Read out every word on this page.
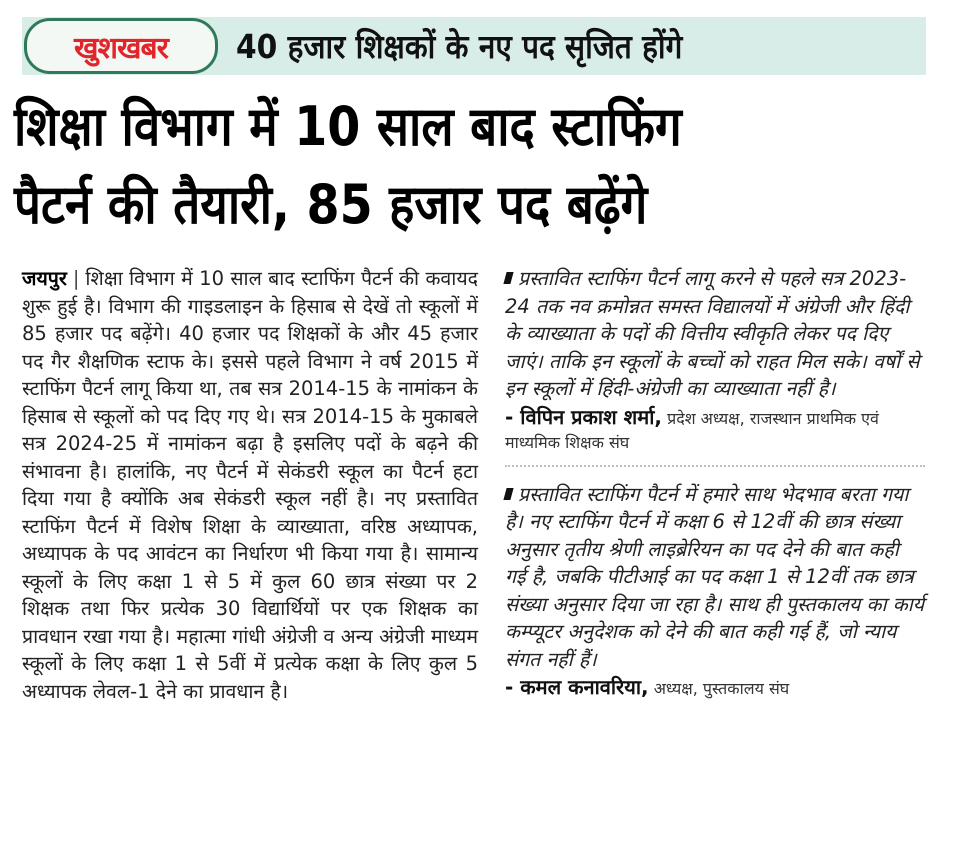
खुशखबर	40 हजार शिक्षकों के नए पद सृजित होंगे
शिक्षा विभाग में 10 साल बाद स्टाफिंग
पैटर्न की तैयारी, 85 हजार पद बढ़ेंगे

जयपुर | शिक्षा विभाग में 10 साल बाद स्टाफिंग पैटर्न की कवायद शुरू हुई है। विभाग की गाइडलाइन के हिसाब से देखें तो स्कूलों में 85 हजार पद बढ़ेंगे। 40 हजार पद शिक्षकों के और 45 हजार पद गैर शैक्षणिक स्टाफ के। इससे पहले विभाग ने वर्ष 2015 में स्टाफिंग पैटर्न लागू किया था, तब सत्र 2014-15 के नामांकन के हिसाब से स्कूलों को पद दिए गए थे। सत्र 2014-15 के मुकाबले सत्र 2024-25 में नामांकन बढ़ा है इसलिए पदों के बढ़ने की संभावना है। हालांकि, नए पैटर्न में सेकंडरी स्कूल का पैटर्न हटा दिया गया है क्योंकि अब सेकंडरी स्कूल नहीं है। नए प्रस्तावित स्टाफिंग पैटर्न में विशेष शिक्षा के व्याख्याता, वरिष्ठ अध्यापक, अध्यापक के पद आवंटन का निर्धारण भी किया गया है। सामान्य स्कूलों के लिए कक्षा 1 से 5 में कुल 60 छात्र संख्या पर 2 शिक्षक तथा फिर प्रत्येक 30 विद्यार्थियों पर एक शिक्षक का प्रावधान रखा गया है। महात्मा गांधी अंग्रेजी व अन्य अंग्रेजी माध्यम स्कूलों के लिए कक्षा 1 से 5वीं में प्रत्येक कक्षा के लिए कुल 5 अध्यापक लेवल-1 देने का प्रावधान है।

प्रस्तावित स्टाफिंग पैटर्न लागू करने से पहले सत्र 2023-24 तक नव क्रमोन्नत समस्त विद्यालयों में अंग्रेजी और हिंदी के व्याख्याता के पदों की वित्तीय स्वीकृति लेकर पद दिए जाएं। ताकि इन स्कूलों के बच्चों को राहत मिल सके। वर्षों से इन स्कूलों में हिंदी-अंग्रेजी का व्याख्याता नहीं है।

- विपिन प्रकाश शर्मा, प्रदेश अध्यक्ष, राजस्थान प्राथमिक एवं माध्यमिक शिक्षक संघ

प्रस्तावित स्टाफिंग पैटर्न में हमारे साथ भेदभाव बरता गया है। नए स्टाफिंग पैटर्न में कक्षा 6 से 12वीं की छात्र संख्या अनुसार तृतीय श्रेणी लाइब्रेरियन का पद देने की बात कही गई है, जबकि पीटीआई का पद कक्षा 1 से 12वीं तक छात्र संख्या अनुसार दिया जा रहा है। साथ ही पुस्तकालय का कार्य कम्प्यूटर अनुदेशक को देने की बात कही गई हैं, जो न्याय संगत नहीं हैं।

- कमल कनावरिया, अध्यक्ष, पुस्तकालय संघ
